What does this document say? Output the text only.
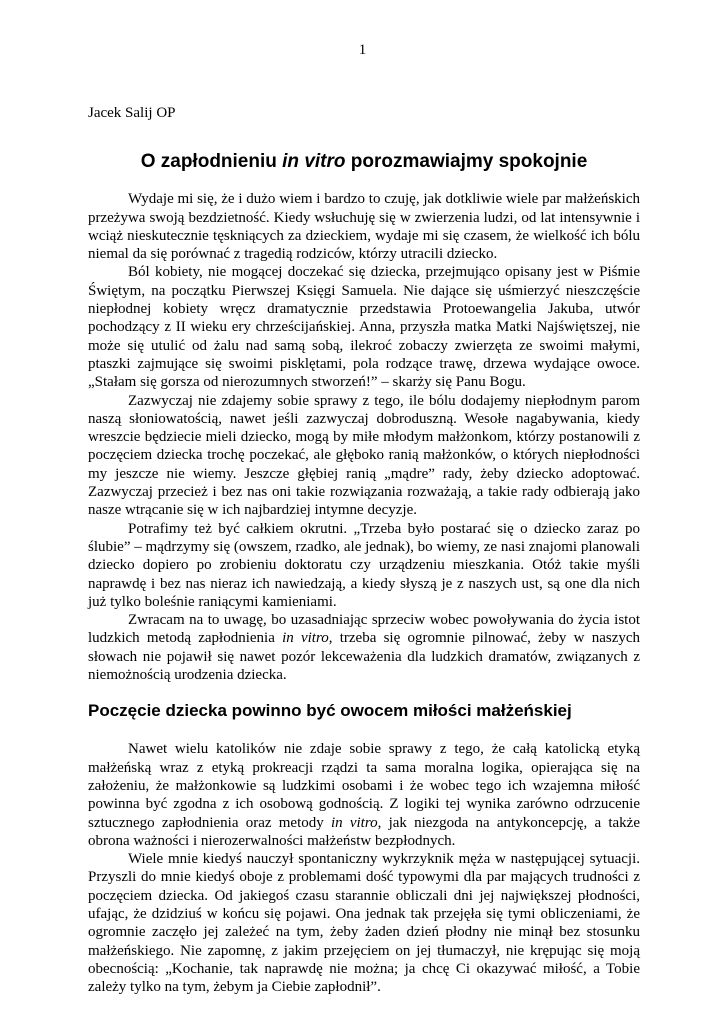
1

Jacek Salij OP

O zapłodnieniu in vitro porozmawiajmy spokojnie

Wydaje mi się, że i dużo wiem i bardzo to czuję, jak dotkliwie wiele par małżeńskich przeżywa swoją bezdzietność. Kiedy wsłuchuję się w zwierzenia ludzi, od lat intensywnie i wciąż nieskutecznie tęskniących za dzieckiem, wydaje mi się czasem, że wielkość ich bólu niemal da się porównać z tragedią rodziców, którzy utracili dziecko.

Ból kobiety, nie mogącej doczekać się dziecka, przejmująco opisany jest w Piśmie Świętym, na początku Pierwszej Księgi Samuela. Nie dające się uśmierzyć nieszczęście niepłodnej kobiety wręcz dramatycznie przedstawia Protoewangelia Jakuba, utwór pochodzący z II wieku ery chrześcijańskiej. Anna, przyszła matka Matki Najświętszej, nie może się utulić od żalu nad samą sobą, ilekroć zobaczy zwierzęta ze swoimi małymi, ptaszki zajmujące się swoimi pisklętami, pola rodzące trawę, drzewa wydające owoce. „Stałam się gorsza od nierozumnych stworzeń!” – skarży się Panu Bogu.

Zazwyczaj nie zdajemy sobie sprawy z tego, ile bólu dodajemy niepłodnym parom naszą słoniowatością, nawet jeśli zazwyczaj dobroduszną. Wesołe nagabywania, kiedy wreszcie będziecie mieli dziecko, mogą by miłe młodym małżonkom, którzy postanowili z poczęciem dziecka trochę poczekać, ale głęboko ranią małżonków, o których niepłodności my jeszcze nie wiemy. Jeszcze głębiej ranią „mądre” rady, żeby dziecko adoptować. Zazwyczaj przecież i bez nas oni takie rozwiązania rozważają, a takie rady odbierają jako nasze wtrącanie się w ich najbardziej intymne decyzje.

Potrafimy też być całkiem okrutni. „Trzeba było postarać się o dziecko zaraz po ślubie” – mądrzymy się (owszem, rzadko, ale jednak), bo wiemy, ze nasi znajomi planowali dziecko dopiero po zrobieniu doktoratu czy urządzeniu mieszkania. Otóż takie myśli naprawdę i bez nas nieraz ich nawiedzają, a kiedy słyszą je z naszych ust, są one dla nich już tylko boleśnie raniącymi kamieniami.

Zwracam na to uwagę, bo uzasadniając sprzeciw wobec powoływania do życia istot ludzkich metodą zapłodnienia in vitro, trzeba się ogromnie pilnować, żeby w naszych słowach nie pojawił się nawet pozór lekceważenia dla ludzkich dramatów, związanych z niemożnością urodzenia dziecka.

Poczęcie dziecka powinno być owocem miłości małżeńskiej

Nawet wielu katolików nie zdaje sobie sprawy z tego, że całą katolicką etyką małżeńską wraz z etyką prokreacji rządzi ta sama moralna logika, opierająca się na założeniu, że małżonkowie są ludzkimi osobami i że wobec tego ich wzajemna miłość powinna być zgodna z ich osobową godnością. Z logiki tej wynika zarówno odrzucenie sztucznego zapłodnienia oraz metody in vitro, jak niezgoda na antykoncepcję, a także obrona ważności i nierozerwalności małżeństw bezpłodnych.

Wiele mnie kiedyś nauczył spontaniczny wykrzyknik męża w następującej sytuacji. Przyszli do mnie kiedyś oboje z problemami dość typowymi dla par mających trudności z poczęciem dziecka. Od jakiegoś czasu starannie obliczali dni jej największej płodności, ufając, że dzidziuś w końcu się pojawi. Ona jednak tak przejęła się tymi obliczeniami, że ogromnie zaczęło jej zależeć na tym, żeby żaden dzień płodny nie minął bez stosunku małżeńskiego. Nie zapomnę, z jakim przejęciem on jej tłumaczył, nie krępując się moją obecnością: „Kochanie, tak naprawdę nie można; ja chcę Ci okazywać miłość, a Tobie zależy tylko na tym, żebym ja Ciebie zapłodnił”.
